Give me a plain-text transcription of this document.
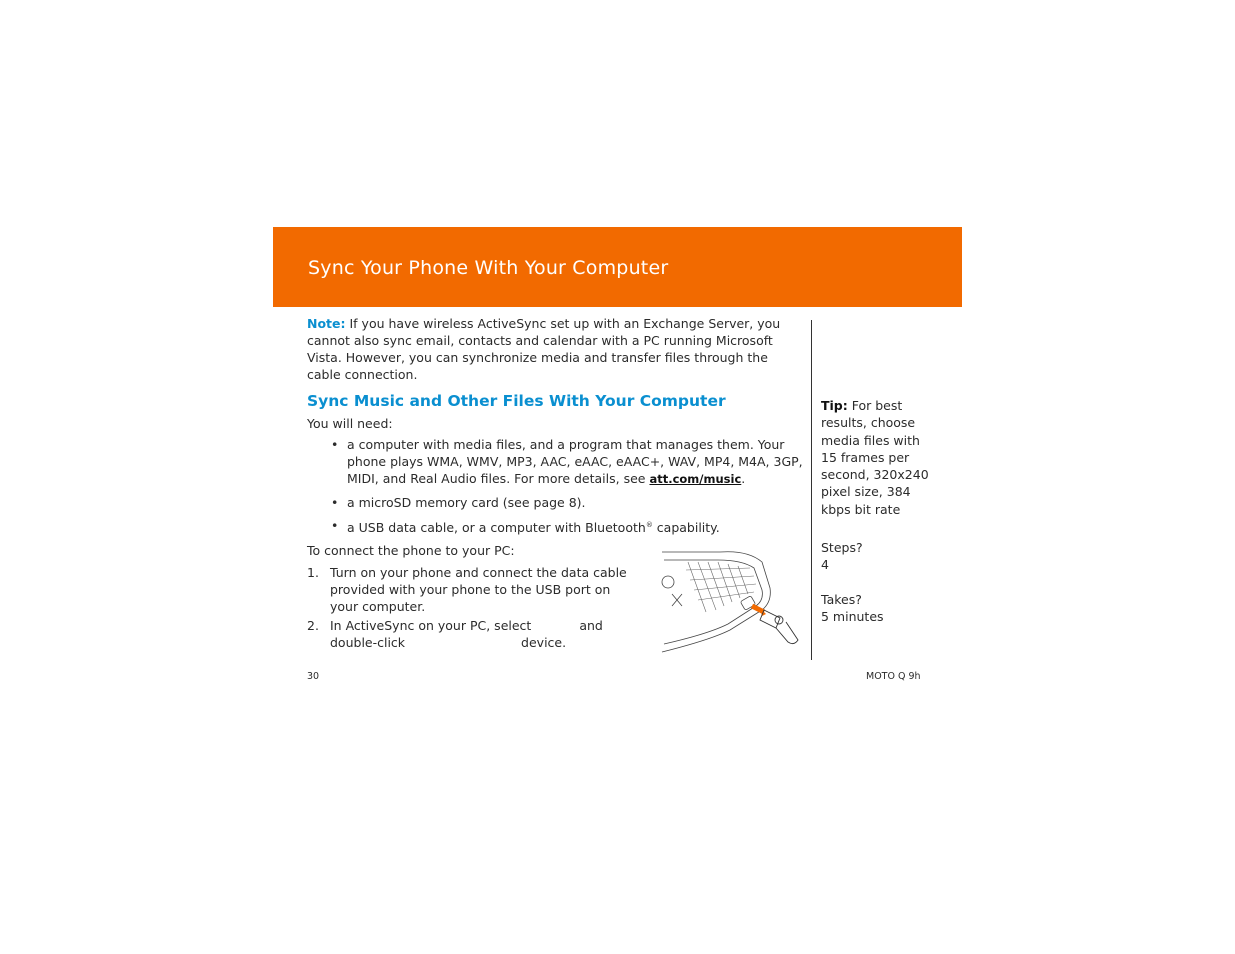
Sync Your Phone With Your Computer

Note: If you have wireless ActiveSync set up with an Exchange Server, you cannot also sync email, contacts and calendar with a PC running Microsoft Vista. However, you can synchronize media and transfer files through the cable connection.

Sync Music and Other Files With Your Computer

You will need:

• a computer with media files, and a program that manages them. Your phone plays WMA, WMV, MP3, AAC, eAAC, eAAC+, WAV, MP4, M4A, 3GP, MIDI, and Real Audio files. For more details, see att.com/music.
• a microSD memory card (see page 8).
• a USB data cable, or a computer with Bluetooth® capability.

To connect the phone to your PC:

1. Turn on your phone and connect the data cable provided with your phone to the USB port on your computer.
2. In ActiveSync on your PC, select	and double-click	device.

Tip: For best results, choose media files with 15 frames per second, 320x240 pixel size, 384 kbps bit rate

Steps?

4

Takes?

5 minutes

30	MOTO Q 9h
